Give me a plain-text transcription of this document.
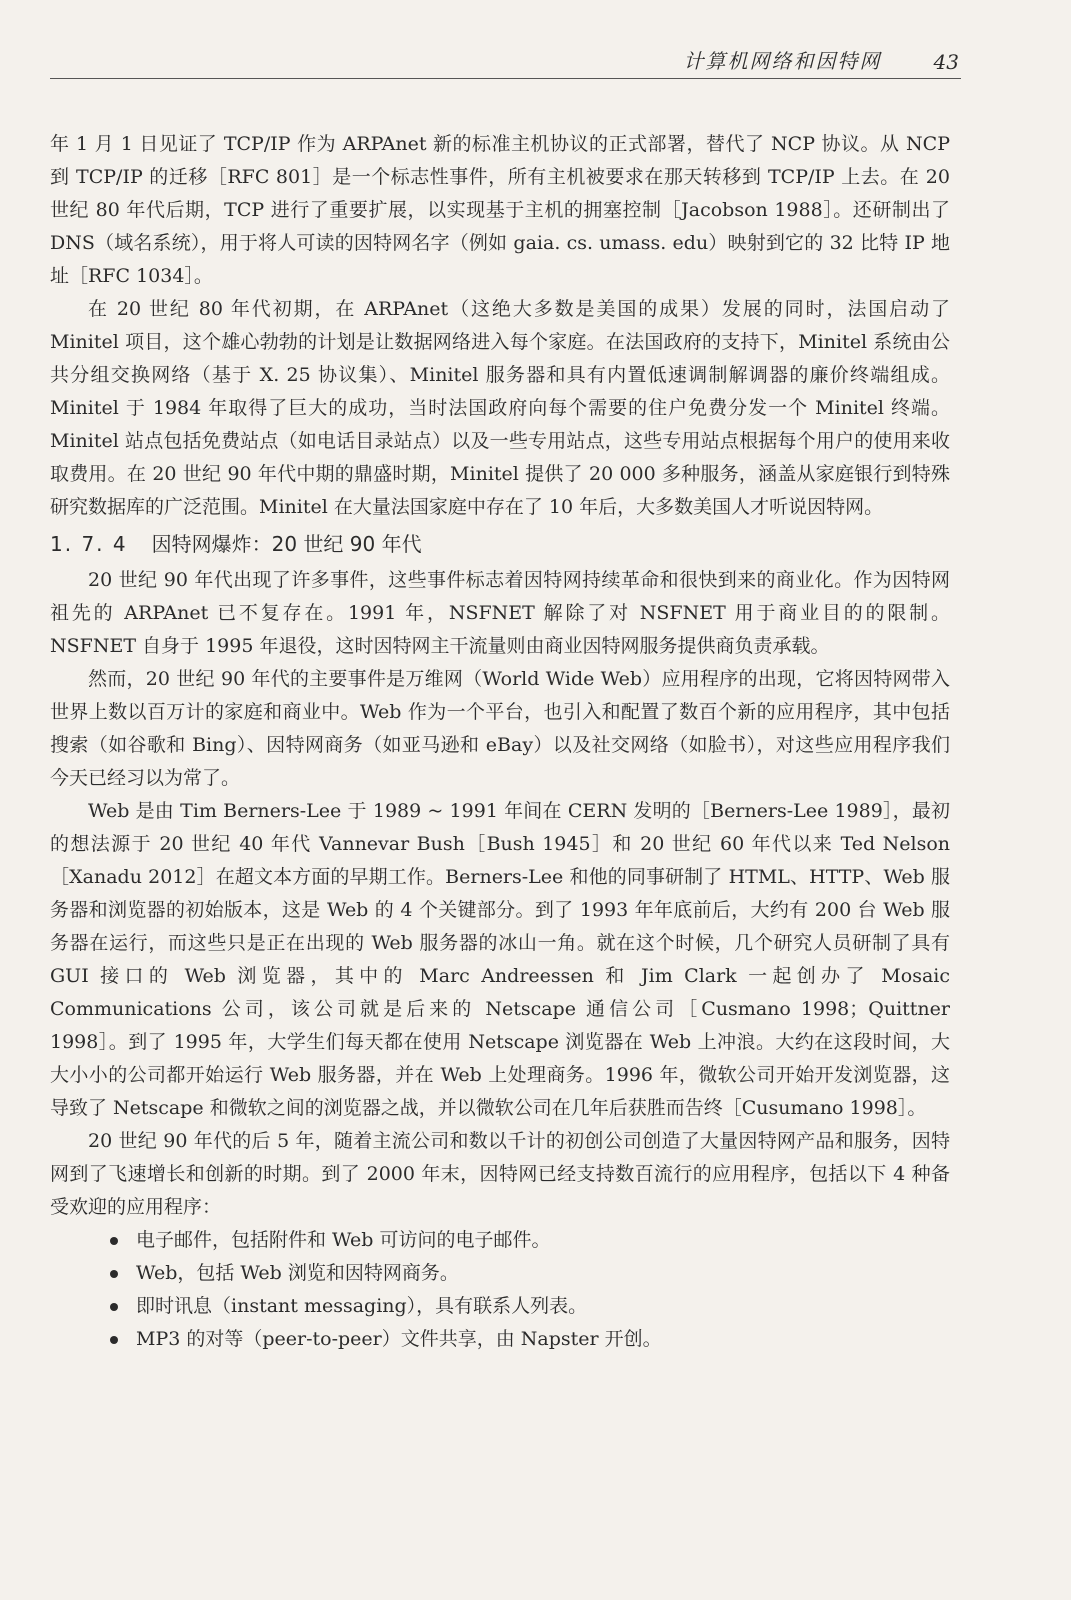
计算机网络和因特网	43

年 1 月 1 日见证了 TCP/IP 作为 ARPAnet 新的标准主机协议的正式部署，替代了 NCP 协议。从 NCP 到 TCP/IP 的迁移［RFC 801］是一个标志性事件，所有主机被要求在那天转移到 TCP/IP 上去。在 20 世纪 80 年代后期，TCP 进行了重要扩展，以实现基于主机的拥塞控制［Jacobson 1988］。还研制出了 DNS（域名系统），用于将人可读的因特网名字（例如 gaia. cs. umass. edu）映射到它的 32 比特 IP 地址［RFC 1034］。

在 20 世纪 80 年代初期，在 ARPAnet（这绝大多数是美国的成果）发展的同时，法国启动了 Minitel 项目，这个雄心勃勃的计划是让数据网络进入每个家庭。在法国政府的支持下，Minitel 系统由公共分组交换网络（基于 X. 25 协议集）、Minitel 服务器和具有内置低速调制解调器的廉价终端组成。Minitel 于 1984 年取得了巨大的成功，当时法国政府向每个需要的住户免费分发一个 Minitel 终端。Minitel 站点包括免费站点（如电话目录站点）以及一些专用站点，这些专用站点根据每个用户的使用来收取费用。在 20 世纪 90 年代中期的鼎盛时期，Minitel 提供了 20 000 多种服务，涵盖从家庭银行到特殊研究数据库的广泛范围。Minitel 在大量法国家庭中存在了 10 年后，大多数美国人才听说因特网。

1. 7. 4 因特网爆炸：20 世纪 90 年代

20 世纪 90 年代出现了许多事件，这些事件标志着因特网持续革命和很快到来的商业化。作为因特网祖先的 ARPAnet 已不复存在。1991 年，NSFNET 解除了对 NSFNET 用于商业目的的限制。NSFNET 自身于 1995 年退役，这时因特网主干流量则由商业因特网服务提供商负责承载。

然而，20 世纪 90 年代的主要事件是万维网（World Wide Web）应用程序的出现，它将因特网带入世界上数以百万计的家庭和商业中。Web 作为一个平台，也引入和配置了数百个新的应用程序，其中包括搜索（如谷歌和 Bing）、因特网商务（如亚马逊和 eBay）以及社交网络（如脸书），对这些应用程序我们今天已经习以为常了。

Web 是由 Tim Berners-Lee 于 1989 ~ 1991 年间在 CERN 发明的［Berners-Lee 1989］，最初的想法源于 20 世纪 40 年代 Vannevar Bush［Bush 1945］和 20 世纪 60 年代以来 Ted Nelson［Xanadu 2012］在超文本方面的早期工作。Berners-Lee 和他的同事研制了 HTML、HTTP、Web 服务器和浏览器的初始版本，这是 Web 的 4 个关键部分。到了 1993 年年底前后，大约有 200 台 Web 服务器在运行，而这些只是正在出现的 Web 服务器的冰山一角。就在这个时候，几个研究人员研制了具有 GUI 接口的 Web 浏览器，其中的 Marc Andreessen 和 Jim Clark 一起创办了 Mosaic Communications 公司，该公司就是后来的 Netscape 通信公司［Cusmano 1998；Quittner 1998］。到了 1995 年，大学生们每天都在使用 Netscape 浏览器在 Web 上冲浪。大约在这段时间，大大小小的公司都开始运行 Web 服务器，并在 Web 上处理商务。1996 年，微软公司开始开发浏览器，这导致了 Netscape 和微软之间的浏览器之战，并以微软公司在几年后获胜而告终［Cusumano 1998］。

20 世纪 90 年代的后 5 年，随着主流公司和数以千计的初创公司创造了大量因特网产品和服务，因特网到了飞速增长和创新的时期。到了 2000 年末，因特网已经支持数百流行的应用程序，包括以下 4 种备受欢迎的应用程序：

电子邮件，包括附件和 Web 可访问的电子邮件。
Web，包括 Web 浏览和因特网商务。
即时讯息（instant messaging），具有联系人列表。
MP3 的对等（peer-to-peer）文件共享，由 Napster 开创。
